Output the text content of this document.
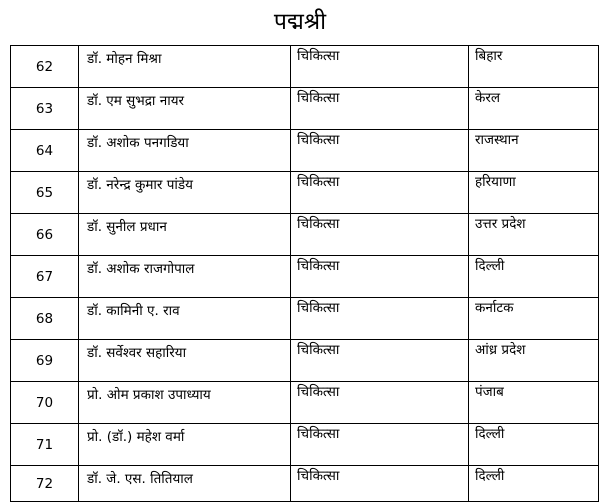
पद्मश्री
62	डॉ. मोहन मिश्रा	चिकित्सा	बिहार
63	डॉ. एम सुभद्रा नायर	चिकित्सा	केरल
64	डॉ. अशोक पनगडिया	चिकित्सा	राजस्थान
65	डॉ. नरेन्द्र कुमार पांडेय	चिकित्सा	हरियाणा
66	डॉ. सुनील प्रधान	चिकित्सा	उत्तर प्रदेश
67	डॉ. अशोक राजगोपाल	चिकित्सा	दिल्ली
68	डॉ. कामिनी ए. राव	चिकित्सा	कर्नाटक
69	डॉ. सर्वेश्वर सहारिया	चिकित्सा	आंध्र प्रदेश
70	प्रो. ओम प्रकाश उपाध्याय	चिकित्सा	पंजाब
71	प्रो. (डॉ.) महेश वर्मा	चिकित्सा	दिल्ली
72	डॉ. जे. एस. तितियाल	चिकित्सा	दिल्ली
